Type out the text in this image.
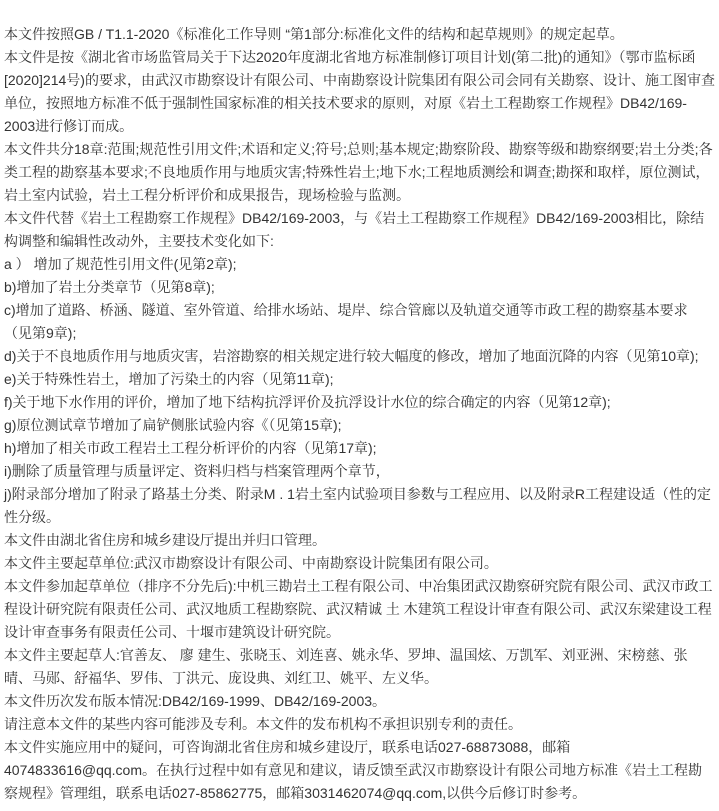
本文件按照GB / T1.1-2020《标准化工作导则 “第1部分:标准化文件的结构和起草规则》的规定起草。

本文件是按《湖北省市场监管局关于下达2020年度湖北省地方标准制修订项目计划(第二批)的通知》（鄂市监标函[2020]214号)的要求，由武汉市勘察设计有限公司、中南勘察设计院集团有限公司会同有关勘察、设计、施工图审查单位，按照地方标准不低于强制性国家标准的相关技术要求的原则，对原《岩土工程勘察工作规程》DB42/169-2003进行修订而成。

本文件共分18章:范围;规范性引用文件;术语和定义;符号;总则;基本规定;勘察阶段、勘察等级和勘察纲要;岩土分类;各类工程的勘察基本要求;不良地质作用与地质灾害;特殊性岩土;地下水;工程地质测绘和调查;勘探和取样，原位测试，岩土室内试验，岩土工程分析评价和成果报告，现场检验与监测。

本文件代替《岩土工程勘察工作规程》DB42/169-2003，与《岩土工程勘察工作规程》DB42/169-2003相比，除结构调整和编辑性改动外，主要技术变化如下:

a ） 增加了规范性引用文件(见第2章);

b)增加了岩土分类章节（见第8章);

c)增加了道路、桥涵、隧道、室外管道、给排水场站、堤岸、综合管廊以及轨道交通等市政工程的勘察基本要求（见第9章);

d)关于不良地质作用与地质灾害，岩溶勘察的相关规定进行较大幅度的修改，增加了地面沉降的内容（见第10章);

e)关于特殊性岩土，增加了污染土的内容（见第11章);

f)关于地下水作用的评价，增加了地下结构抗浮评价及抗浮设计水位的综合确定的内容（见第12章);

g)原位测试章节增加了扁铲侧胀试验内容《（见第15章);

h)增加了相关市政工程岩土工程分析评价的内容（见第17章);

i)删除了质量管理与质量评定、资料归档与档案管理两个章节，

j)附录部分增加了附录了路基土分类、附录M . 1岩土室内试验项目参数与工程应用、以及附录R工程建设适（性的定性分级。

本文件由湖北省住房和城乡建设厅提出并归口管理。

本文件主要起草单位:武汉市勘察设计有限公司、中南勘察设计院集团有限公司。

本文件参加起草单位（排序不分先后):中机三勘岩土工程有限公司、中冶集团武汉勘察研究院有限公司、武汉市政工程设计研究院有限责任公司、武汉地质工程勘察院、武汉精诚 土 木建筑工程设计审查有限公司、武汉东梁建设工程设计审查事务有限责任公司、十堰市建筑设计研究院。

本文件主要起草人:官善友、 廖 建生、张晓玉、刘连喜、姚永华、罗坤、温国炫、万凯军、刘亚洲、宋榜慈、张晴、马郧、舒福华、罗伟、丁洪元、庞设典、刘红卫、姚平、左义华。

本文件历次发布版本情况:DB42/169-1999、DB42/169-2003。

请注意本文件的某些内容可能涉及专利。本文件的发布机构不承担识别专利的责任。

本文件实施应用中的疑问，可咨询湖北省住房和城乡建设厅，联系电话027-68873088，邮箱4074833616@qq.com。在执行过程中如有意见和建议，请反馈至武汉市勘察设计有限公司地方标准《岩土工程勘察规程》管理组，联系电话027-85862775，邮箱3031462074@qq.com,以供今后修订时参考。
